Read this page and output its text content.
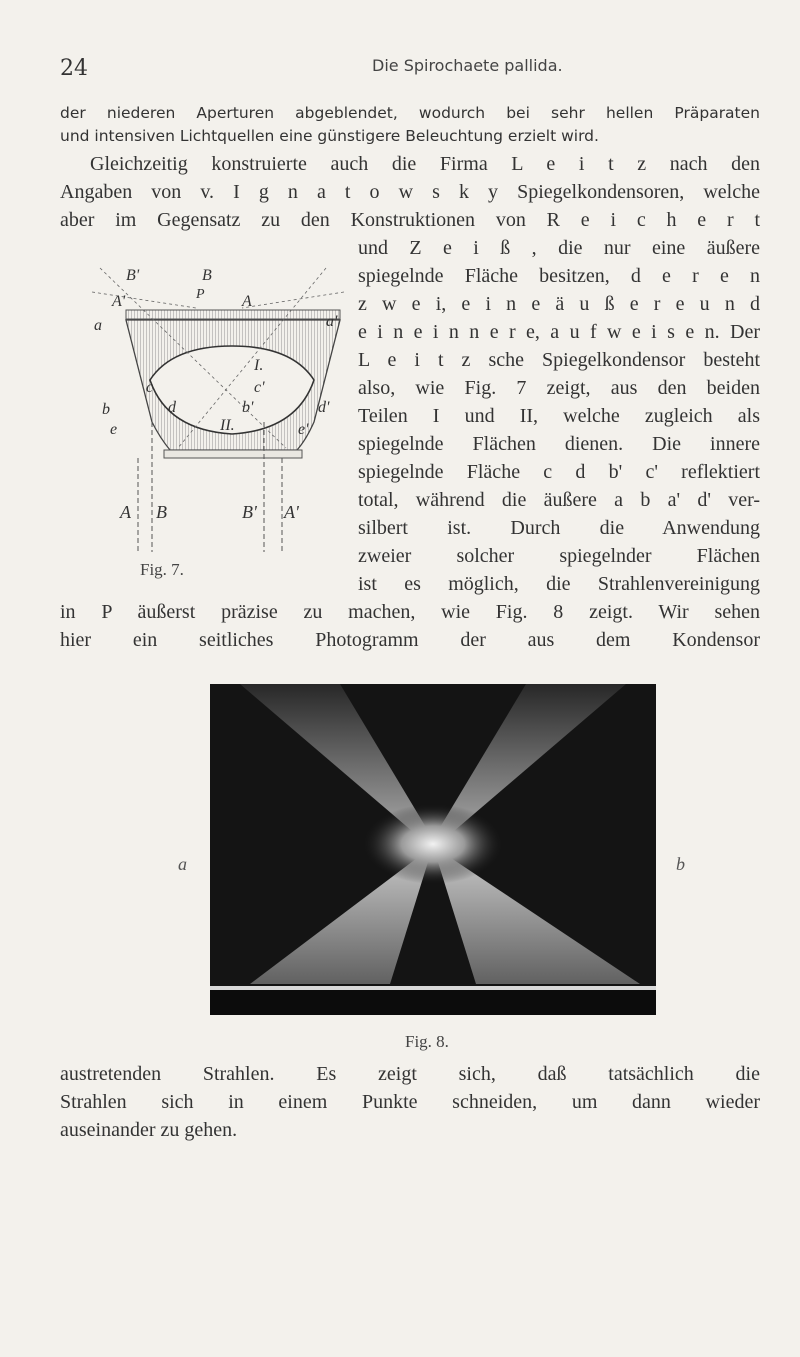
24	Die Spirochaete pallida.
der niederen Aperturen abgeblendet, wodurch bei sehr hellen Präparaten
und intensiven Lichtquellen eine günstigere Beleuchtung erzielt wird.
Gleichzeitig konstruierte auch die Firma L e i t z nach den
Angaben von v. I g n a t o w s k y Spiegelkondensoren, welche
aber im Gegensatz zu den Konstruktionen von R e i c h e r t
und Z e i ß , die nur eine äußere
spiegelnde Fläche besitzen, d e r e n
z w e i, e i n e ä u ß e r e u n d
e i n e i n n e r e, a u f w e i s e n. Der
L e i t z sche Spiegelkondensor besteht
also, wie Fig. 7 zeigt, aus den beiden
Teilen I und II, welche zugleich als
spiegelnde Flächen dienen. Die innere
spiegelnde Fläche c d b' c' reflektiert
total, während die äußere a b a' d' ver-
silbert ist. Durch die Anwendung
zweier solcher spiegelnder Flächen
ist es möglich, die Strahlenvereinigung
in P äußerst präzise zu machen, wie Fig. 8 zeigt. Wir sehen
hier ein seitliches Photogramm der aus dem Kondensor
B'	B
A'	A
P
a	a'
I.
II.
b	b'
c	c'
d	d'
e	e'
A B	B' A'
Fig. 7.
a	b
Fig. 8.
austretenden Strahlen. Es zeigt sich, daß tatsächlich die
Strahlen sich in einem Punkte schneiden, um dann wieder
auseinander zu gehen.
